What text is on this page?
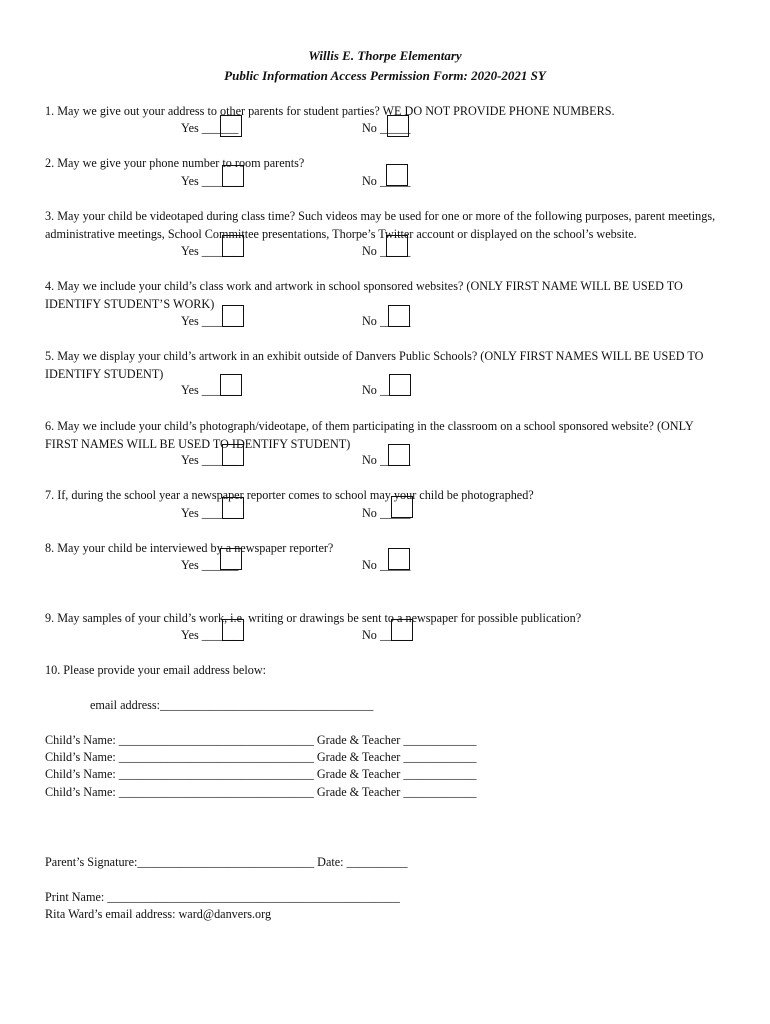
Willis E. Thorpe Elementary
Public Information Access Permission Form: 2020-2021 SY

1. May we give out your address to other parents for student parties? WE DO NOT PROVIDE PHONE NUMBERS.

Yes ______	No _____

2. May we give your phone number to room parents?

Yes ______	No _____

3. May your child be videotaped during class time? Such videos may be used for one or more of the following purposes, parent meetings, administrative meetings, School Committee presentations, Thorpe’s Twitter account or displayed on the school’s website.

Yes ______	No _____

4. May we include your child’s class work and artwork in school sponsored websites? (ONLY FIRST NAME WILL BE USED TO IDENTIFY STUDENT’S WORK)

Yes ______	No _____

5. May we display your child’s artwork in an exhibit outside of Danvers Public Schools? (ONLY FIRST NAMES WILL BE USED TO IDENTIFY STUDENT)

Yes ______	No _____

6. May we include your child’s photograph/videotape, of them participating in the classroom on a school sponsored website? (ONLY FIRST NAMES WILL BE USED TO IDENTIFY STUDENT)

Yes ______	No _____

7. If, during the school year a newspaper reporter comes to school may your child be photographed?

Yes ______	No _____

8. May your child be interviewed by a newspaper reporter?

Yes ______	No _____

9. May samples of your child’s work, i.e. writing or drawings be sent to a newspaper for possible publication?

Yes ______	No _____

10. Please provide your email address below:

email address:___________________________________
Child’s Name: ________________________________ Grade & Teacher ____________
Child’s Name: ________________________________ Grade & Teacher ____________
Child’s Name: ________________________________ Grade & Teacher ____________
Child’s Name: ________________________________ Grade & Teacher ____________
Parent’s Signature:_____________________________ Date: __________
Print Name: ________________________________________________
Rita Ward’s email address: ward@danvers.org
